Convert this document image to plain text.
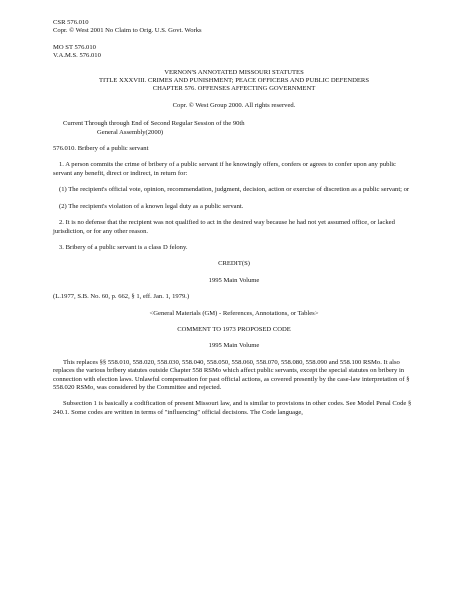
CSR 576.010
Copr. © West 2001 No Claim to Orig. U.S. Govt. Works
MO ST 576.010
V.A.M.S. 576.010
VERNON'S ANNOTATED MISSOURI STATUTES
TITLE XXXVIII. CRIMES AND PUNISHMENT; PEACE OFFICERS AND PUBLIC DEFENDERS
CHAPTER 576. OFFENSES AFFECTING GOVERNMENT
Copr. © West Group 2000. All rights reserved.
Current Through through End of Second Regular Session of the 90th
General Assembly(2000)
576.010. Bribery of a public servant

1. A person commits the crime of bribery of a public servant if he knowingly offers, confers or agrees to confer upon any public servant any benefit, direct or indirect, in return for:

(1) The recipient's official vote, opinion, recommendation, judgment, decision, action or exercise of discretion as a public servant; or

(2) The recipient's violation of a known legal duty as a public servant.

2. It is no defense that the recipient was not qualified to act in the desired way because he had not yet assumed office, or lacked jurisdiction, or for any other reason.

3. Bribery of a public servant is a class D felony.

CREDIT(S)
1995 Main Volume
(L.1977, S.B. No. 60, p. 662, § 1, eff. Jan. 1, 1979.)
<General Materials (GM) - References, Annotations, or Tables>
COMMENT TO 1973 PROPOSED CODE
1995 Main Volume

This replaces §§ 558.010, 558.020, 558.030, 558.040, 558.050, 558.060, 558.070, 558.080, 558.090 and 558.100 RSMo. It also replaces the various bribery statutes outside Chapter 558 RSMo which affect public servants, except the special statutes on bribery in connection with election laws. Unlawful compensation for past official actions, as covered presently by the case-law interpretation of § 558.020 RSMo, was considered by the Committee and rejected.

Subsection 1 is basically a codification of present Missouri law, and is similar to provisions in other codes. See Model Penal Code § 240.1. Some codes are written in terms of "influencing" official decisions. The Code language,
